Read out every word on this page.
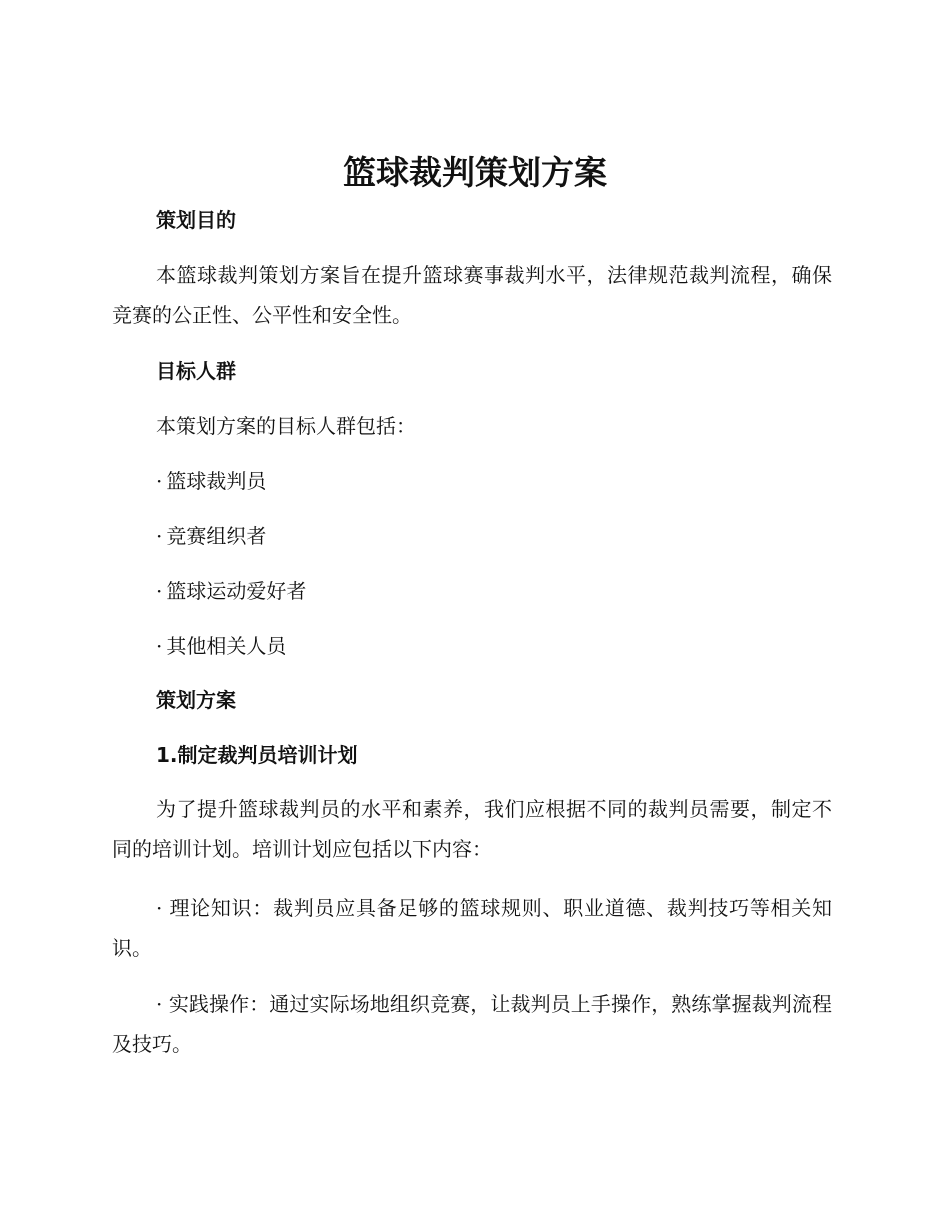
篮球裁判策划方案
策划目的

本篮球裁判策划方案旨在提升篮球赛事裁判水平，法律规范裁判流程，确保竞赛的公正性、公平性和安全性。

目标人群

本策划方案的目标人群包括：

· 篮球裁判员

· 竞赛组织者

· 篮球运动爱好者

· 其他相关人员

策划方案
1.制定裁判员培训计划

为了提升篮球裁判员的水平和素养，我们应根据不同的裁判员需要，制定不同的培训计划。培训计划应包括以下内容：

· 理论知识：裁判员应具备足够的篮球规则、职业道德、裁判技巧等相关知识。

· 实践操作：通过实际场地组织竞赛，让裁判员上手操作，熟练掌握裁判流程及技巧。
